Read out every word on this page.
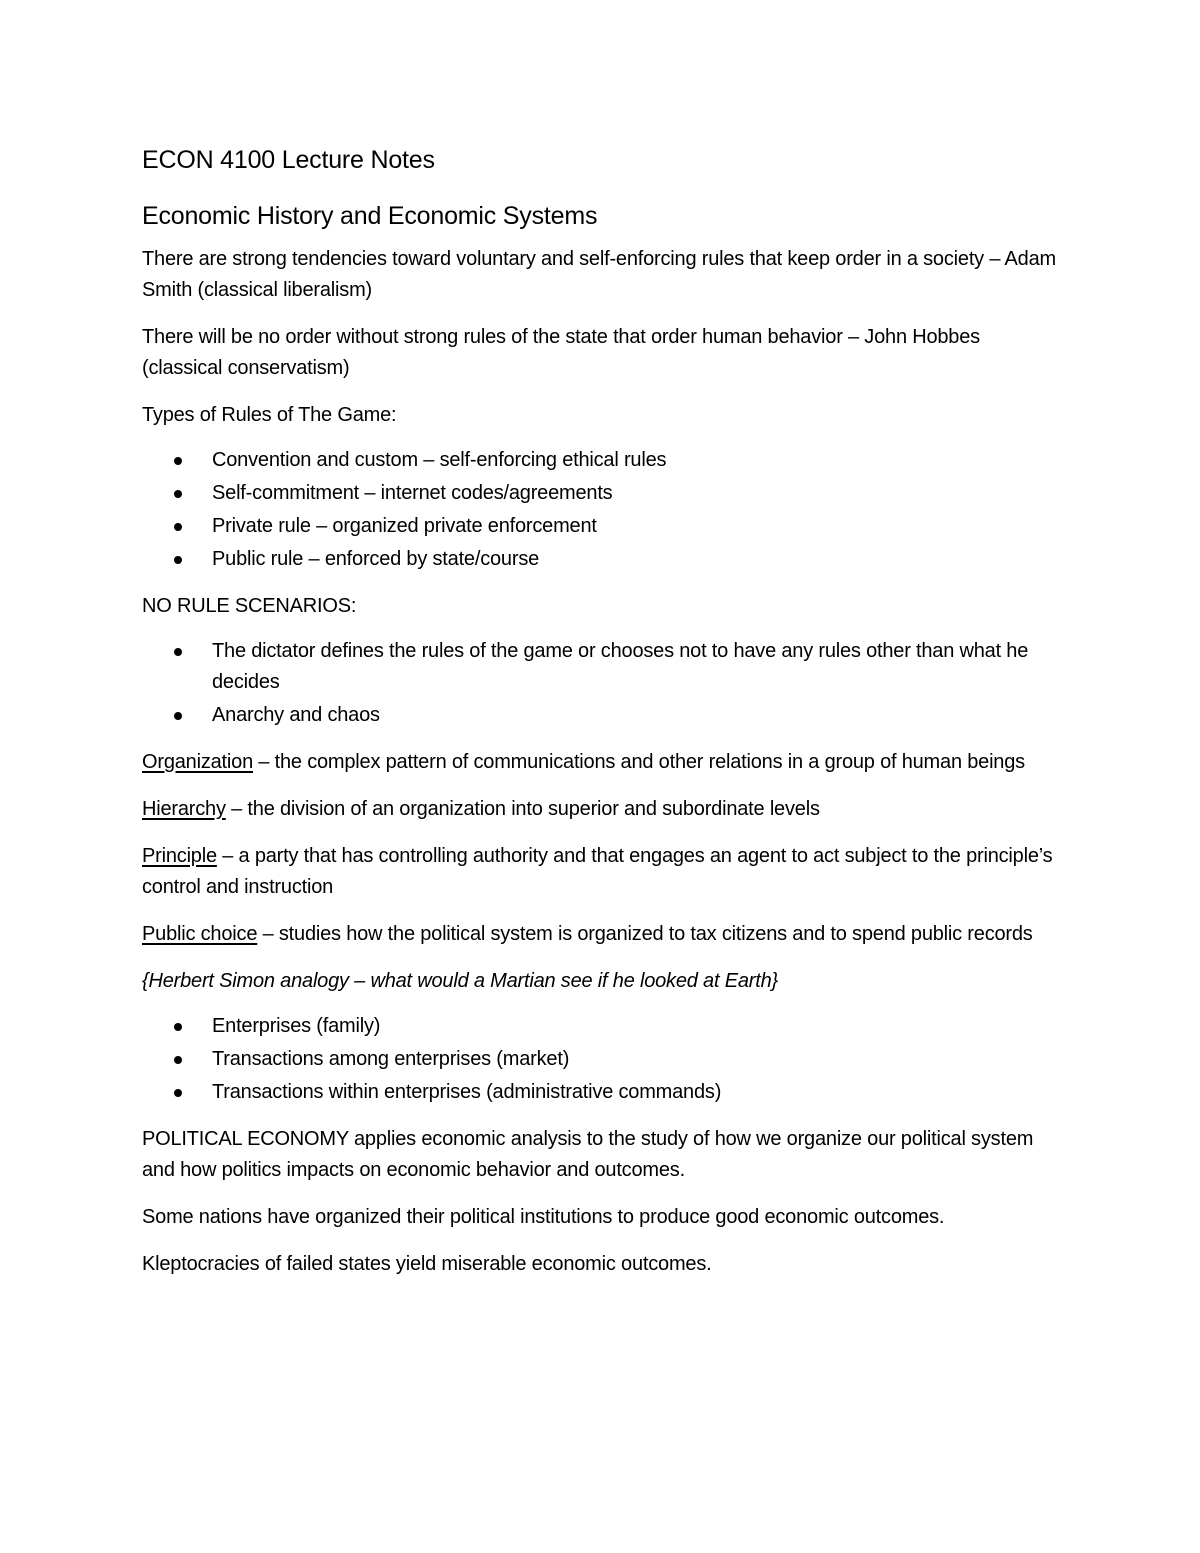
ECON 4100 Lecture Notes
Economic History and Economic Systems

There are strong tendencies toward voluntary and self-enforcing rules that keep order in a society – Adam Smith (classical liberalism)

There will be no order without strong rules of the state that order human behavior – John Hobbes (classical conservatism)

Types of Rules of The Game:

Convention and custom – self-enforcing ethical rules
Self-commitment – internet codes/agreements
Private rule – organized private enforcement
Public rule – enforced by state/course

NO RULE SCENARIOS:

The dictator defines the rules of the game or chooses not to have any rules other than what he decides
Anarchy and chaos

Organization – the complex pattern of communications and other relations in a group of human beings

Hierarchy – the division of an organization into superior and subordinate levels

Principle – a party that has controlling authority and that engages an agent to act subject to the principle’s control and instruction

Public choice – studies how the political system is organized to tax citizens and to spend public records

{Herbert Simon analogy – what would a Martian see if he looked at Earth}

Enterprises (family)
Transactions among enterprises (market)
Transactions within enterprises (administrative commands)

POLITICAL ECONOMY applies economic analysis to the study of how we organize our political system and how politics impacts on economic behavior and outcomes.

Some nations have organized their political institutions to produce good economic outcomes.

Kleptocracies of failed states yield miserable economic outcomes.
